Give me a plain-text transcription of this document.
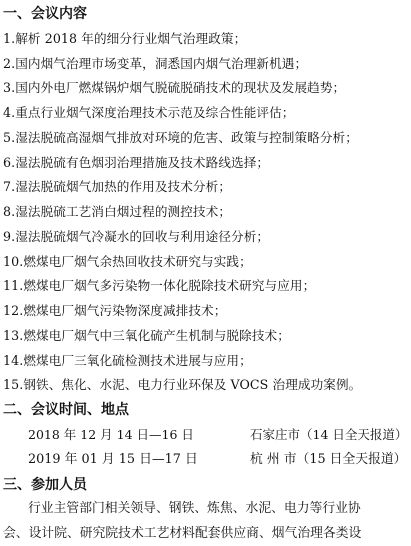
一、会议内容
1.解析 2018 年的细分行业烟气治理政策；
2.国内烟气治理市场变革，洞悉国内烟气治理新机遇；
3.国内外电厂燃煤锅炉烟气脱硫脱硝技术的现状及发展趋势；
4.重点行业烟气深度治理技术示范及综合性能评估；
5.湿法脱硫高湿烟气排放对环境的危害、政策与控制策略分析；
6.湿法脱硫有色烟羽治理措施及技术路线选择；
7.湿法脱硫烟气加热的作用及技术分析；
8.湿法脱硫工艺消白烟过程的测控技术；
9.湿法脱硫烟气冷凝水的回收与利用途径分析；
10.燃煤电厂烟气余热回收技术研究与实践；
11.燃煤电厂烟气多污染物一体化脱除技术研究与应用；
12.燃煤电厂烟气污染物深度减排技术；
13.燃煤电厂烟气中三氧化硫产生机制与脱除技术；
14.燃煤电厂三氧化硫检测技术进展与应用；
15.钢铁、焦化、水泥、电力行业环保及 VOCS 治理成功案例。
二、会议时间、地点
2018 年 12 月 14 日—16 日	石家庄市（14 日全天报道）
2019 年 01 月 15 日—17 日	杭 州 市（15 日全天报道）
三、参加人员
行业主管部门相关领导、钢铁、炼焦、水泥、电力等行业协
会、设计院、研究院技术工艺材料配套供应商、烟气治理各类设
